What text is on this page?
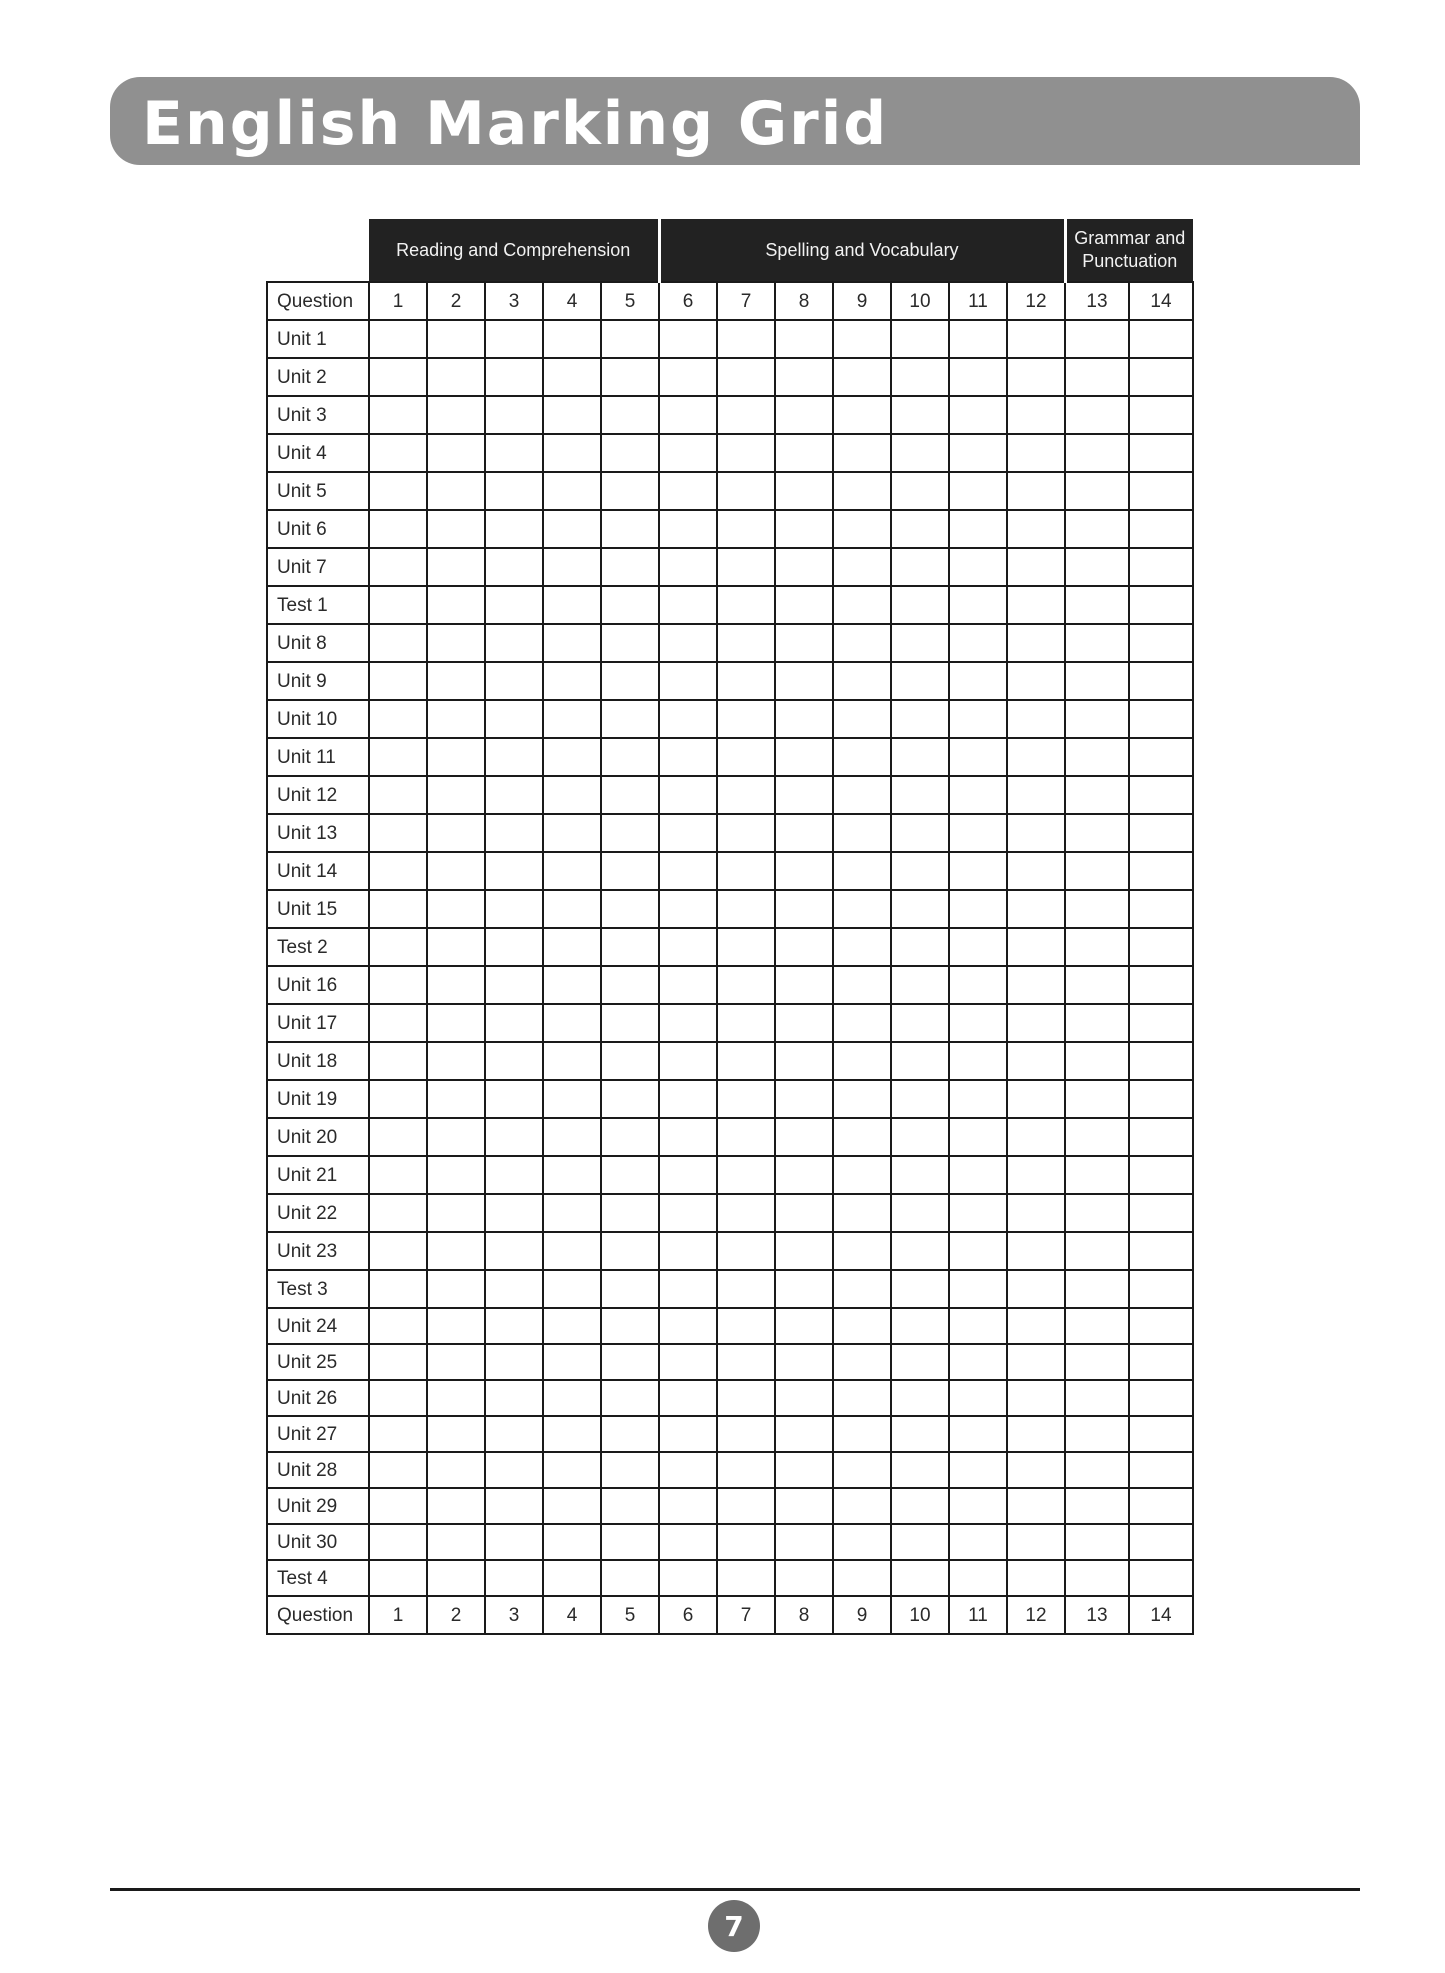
English Marking Grid
	Reading and Comprehension					Spelling and Vocabulary							Grammar and
Punctuation	
Question	1	2	3	4	5	6	7	8	9	10	11	12	13	14
Unit 1														
Unit 2														
Unit 3														
Unit 4														
Unit 5														
Unit 6														
Unit 7														
Test 1														
Unit 8														
Unit 9														
Unit 10														
Unit 11														
Unit 12														
Unit 13														
Unit 14														
Unit 15														
Test 2														
Unit 16														
Unit 17														
Unit 18														
Unit 19														
Unit 20														
Unit 21														
Unit 22														
Unit 23														
Test 3														
Unit 24														
Unit 25														
Unit 26														
Unit 27														
Unit 28														
Unit 29														
Unit 30														
Test 4														
Question	1	2	3	4	5	6	7	8	9	10	11	12	13	14
7
